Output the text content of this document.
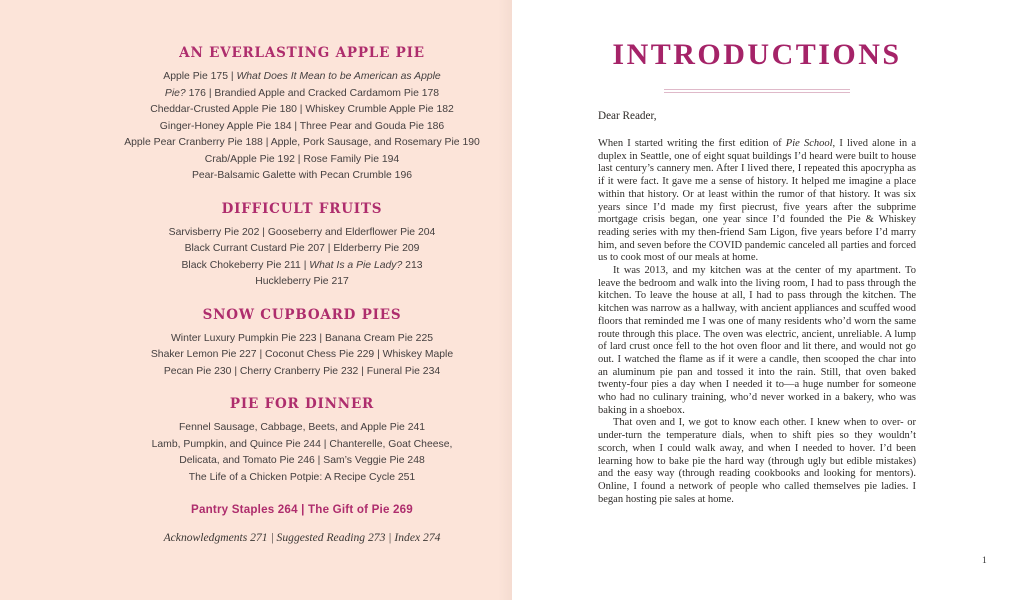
AN EVERLASTING APPLE PIE
Apple Pie 175 | What Does It Mean to be American as Apple
Pie? 176 | Brandied Apple and Cracked Cardamom Pie 178
Cheddar-Crusted Apple Pie 180 | Whiskey Crumble Apple Pie 182
Ginger-Honey Apple Pie 184 | Three Pear and Gouda Pie 186
Apple Pear Cranberry Pie 188 | Apple, Pork Sausage, and Rosemary Pie 190
Crab/Apple Pie 192 | Rose Family Pie 194
Pear-Balsamic Galette with Pecan Crumble 196
DIFFICULT FRUITS
Sarvisberry Pie 202 | Gooseberry and Elderflower Pie 204
Black Currant Custard Pie 207 | Elderberry Pie 209
Black Chokeberry Pie 211 | What Is a Pie Lady? 213
Huckleberry Pie 217
SNOW CUPBOARD PIES
Winter Luxury Pumpkin Pie 223 | Banana Cream Pie 225
Shaker Lemon Pie 227 | Coconut Chess Pie 229 | Whiskey Maple
Pecan Pie 230 | Cherry Cranberry Pie 232 | Funeral Pie 234
PIE FOR DINNER
Fennel Sausage, Cabbage, Beets, and Apple Pie 241
Lamb, Pumpkin, and Quince Pie 244 | Chanterelle, Goat Cheese,
Delicata, and Tomato Pie 246 | Sam’s Veggie Pie 248
The Life of a Chicken Potpie: A Recipe Cycle 251
Pantry Staples 264 | The Gift of Pie 269
Acknowledgments 271 | Suggested Reading 273 | Index 274
INTRODUCTIONS
Dear Reader,

When I started writing the first edition of Pie School, I lived alone in a duplex in Seattle, one of eight squat buildings I’d heard were built to house last century’s cannery men. After I lived there, I repeated this apocrypha as if it were fact. It gave me a sense of history. It helped me imagine a place within that history. Or at least within the rumor of that history. It was six years since I’d made my first piecrust, five years after the subprime mortgage crisis began, one year since I’d founded the Pie & Whiskey reading series with my then-friend Sam Ligon, five years before I’d marry him, and seven before the COVID pandemic canceled all parties and forced us to cook most of our meals at home.

It was 2013, and my kitchen was at the center of my apartment. To leave the bedroom and walk into the living room, I had to pass through the kitchen. To leave the house at all, I had to pass through the kitchen. The kitchen was narrow as a hallway, with ancient appliances and scuffed wood floors that reminded me I was one of many residents who’d worn the same route through this place. The oven was electric, ancient, unreliable. A lump of lard crust once fell to the hot oven floor and lit there, and would not go out. I watched the flame as if it were a candle, then scooped the char into an aluminum pie pan and tossed it into the rain. Still, that oven baked twenty-four pies a day when I needed it to—a huge number for someone who had no culinary training, who’d never worked in a bakery, who was baking in a shoebox.

That oven and I, we got to know each other. I knew when to over- or under-turn the temperature dials, when to shift pies so they wouldn’t scorch, when I could walk away, and when I needed to hover. I’d been learning how to bake pie the hard way (through ugly but edible mistakes) and the easy way (through reading cookbooks and looking for mentors). Online, I found a network of people who called themselves pie ladies. I began hosting pie sales at home.

1
